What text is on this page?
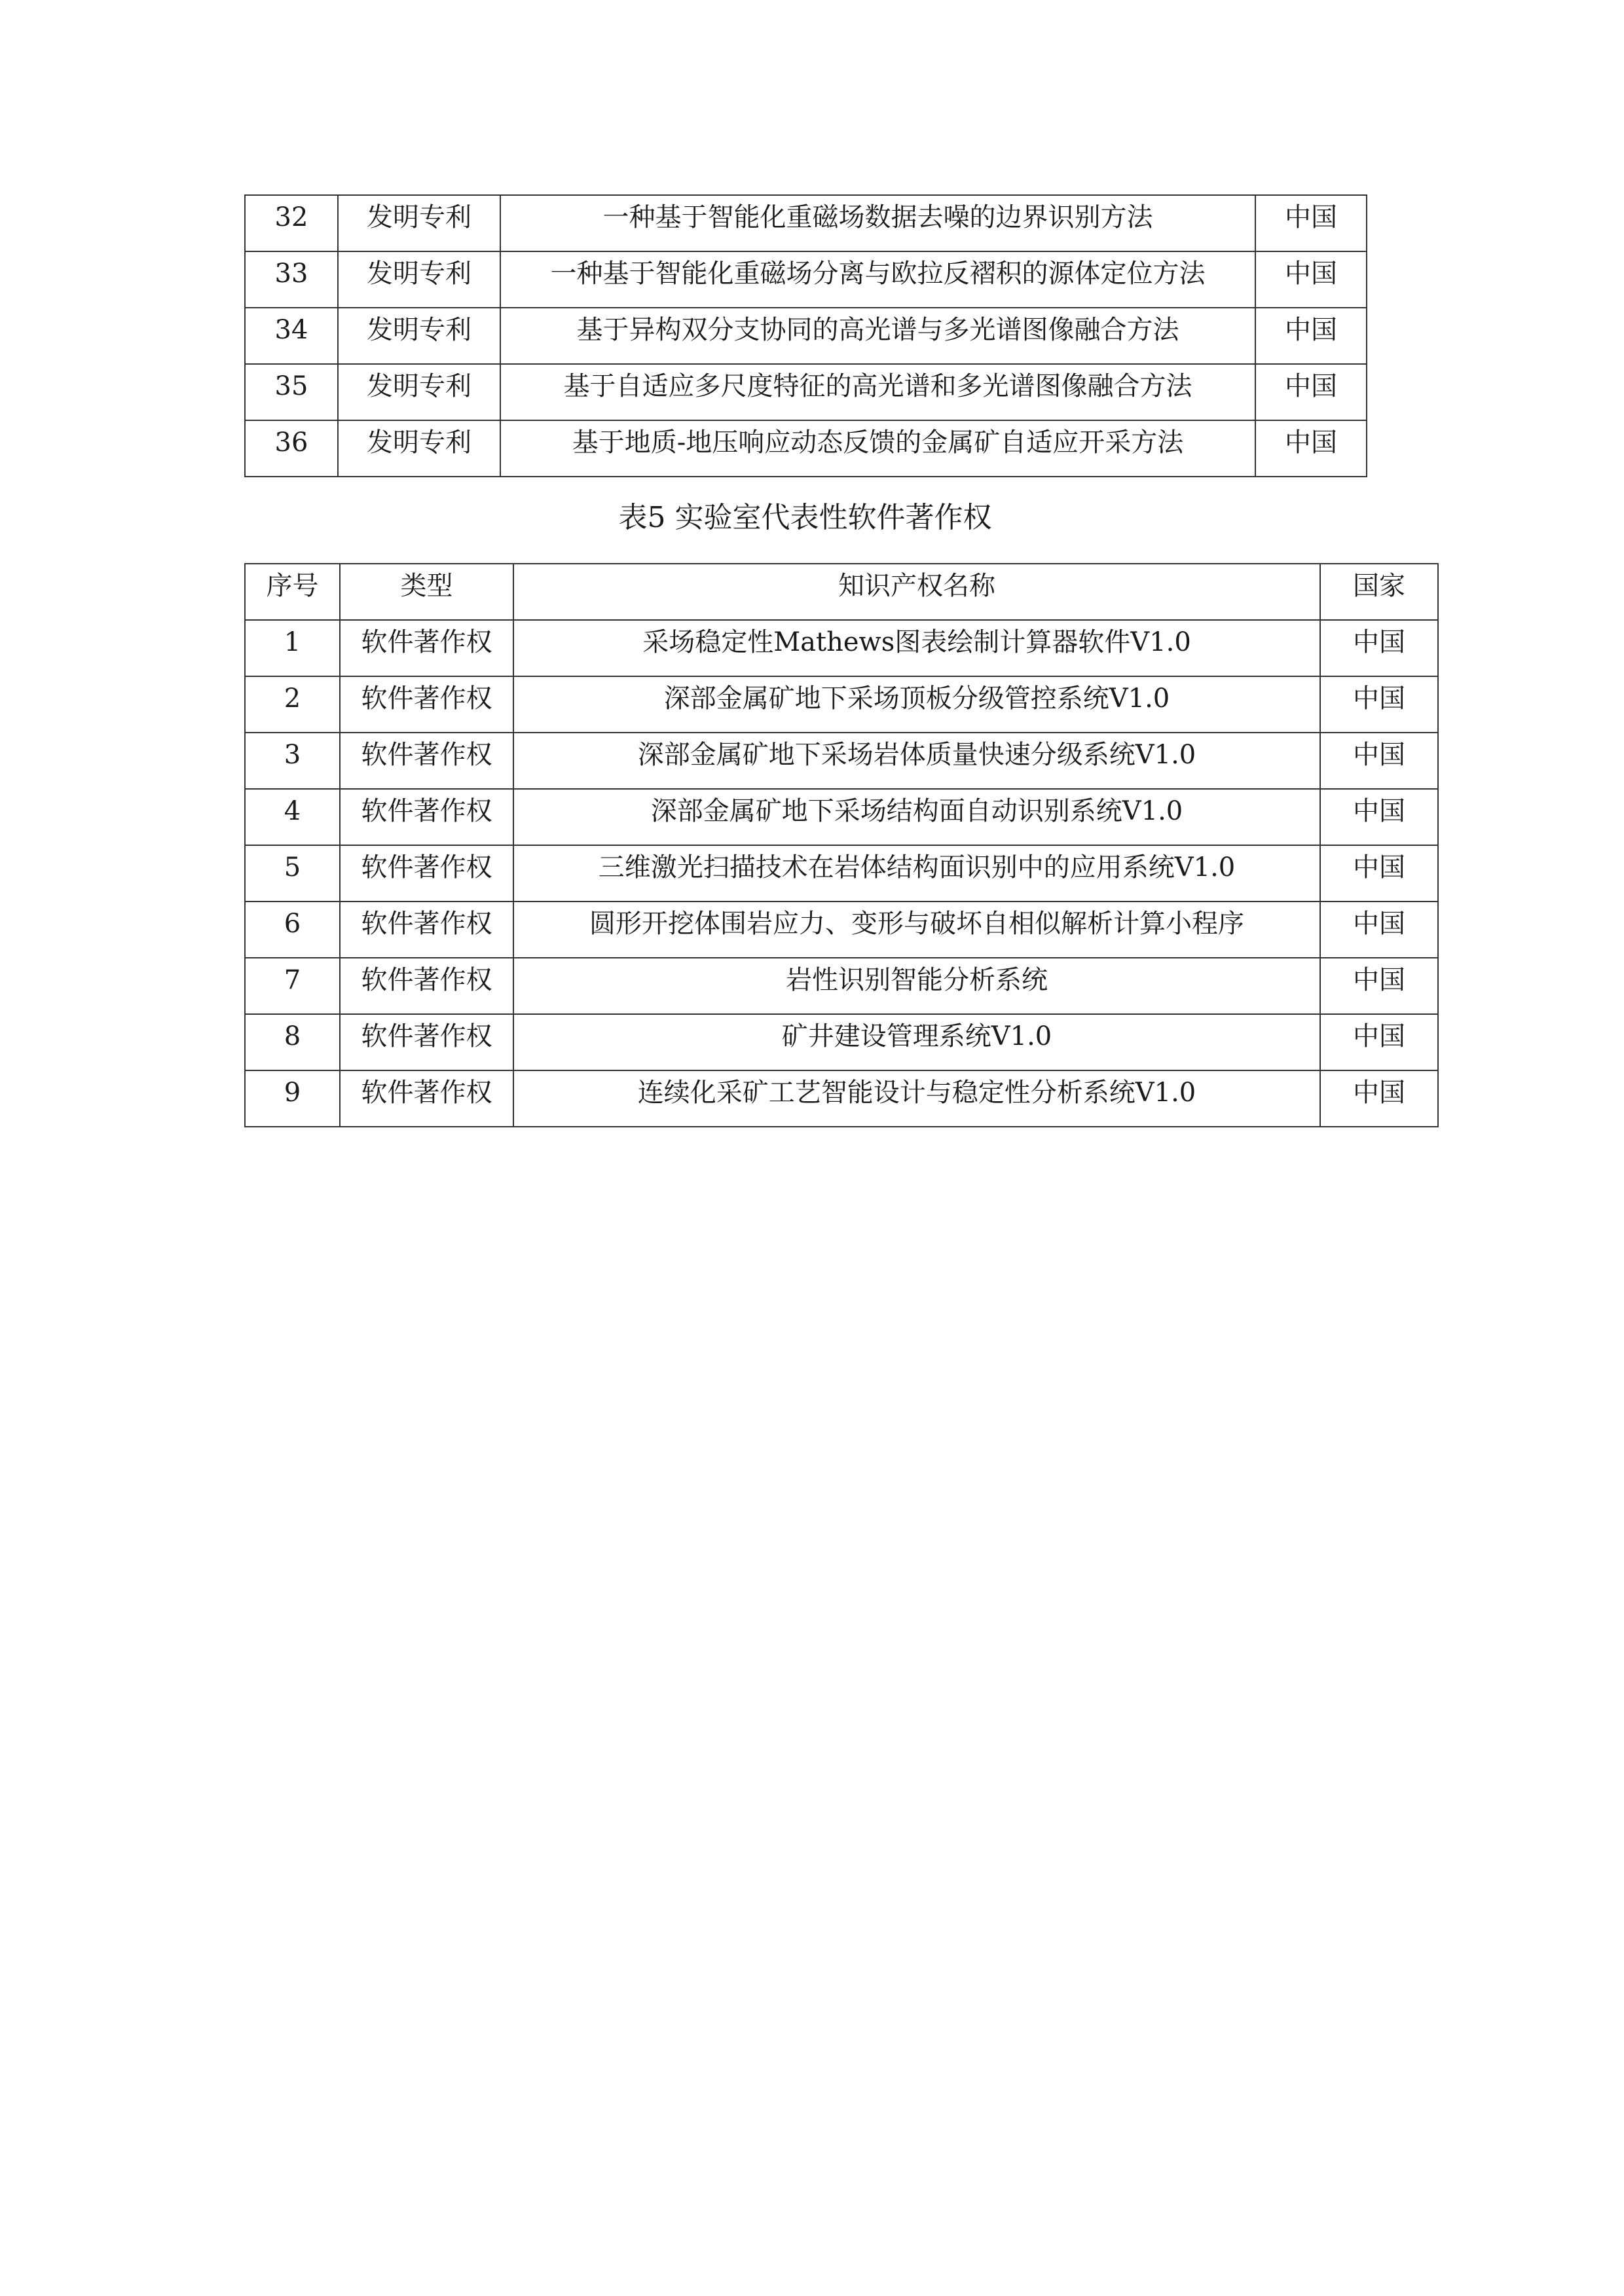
32	发明专利	一种基于智能化重磁场数据去噪的边界识别方法	中国
33	发明专利	一种基于智能化重磁场分离与欧拉反褶积的源体定位方法	中国
34	发明专利	基于异构双分支协同的高光谱与多光谱图像融合方法	中国
35	发明专利	基于自适应多尺度特征的高光谱和多光谱图像融合方法	中国
36	发明专利	基于地质-地压响应动态反馈的金属矿自适应开采方法	中国
表5 实验室代表性软件著作权
序号	类型	知识产权名称	国家
1	软件著作权	采场稳定性Mathews图表绘制计算器软件V1.0	中国
2	软件著作权	深部金属矿地下采场顶板分级管控系统V1.0	中国
3	软件著作权	深部金属矿地下采场岩体质量快速分级系统V1.0	中国
4	软件著作权	深部金属矿地下采场结构面自动识别系统V1.0	中国
5	软件著作权	三维激光扫描技术在岩体结构面识别中的应用系统V1.0	中国
6	软件著作权	圆形开挖体围岩应力、变形与破坏自相似解析计算小程序	中国
7	软件著作权	岩性识别智能分析系统	中国
8	软件著作权	矿井建设管理系统V1.0	中国
9	软件著作权	连续化采矿工艺智能设计与稳定性分析系统V1.0	中国
